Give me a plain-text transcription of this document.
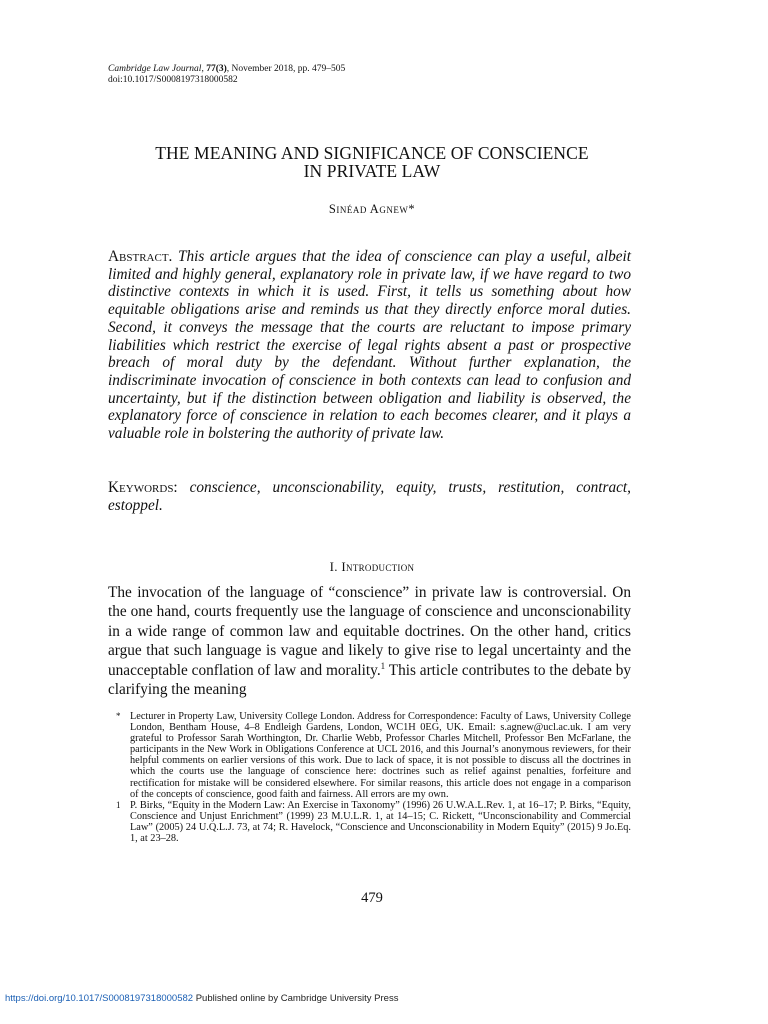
Cambridge Law Journal, 77(3), November 2018, pp. 479–505
doi:10.1017/S0008197318000582
THE MEANING AND SIGNIFICANCE OF CONSCIENCE
IN PRIVATE LAW
Sinéad Agnew*
Abstract. This article argues that the idea of conscience can play a useful, albeit limited and highly general, explanatory role in private law, if we have regard to two distinctive contexts in which it is used. First, it tells us something about how equitable obligations arise and reminds us that they directly enforce moral duties. Second, it conveys the message that the courts are reluctant to impose primary liabilities which restrict the exercise of legal rights absent a past or prospective breach of moral duty by the defendant. Without further explanation, the indiscriminate invocation of conscience in both contexts can lead to confusion and uncertainty, but if the distinction between obligation and liability is observed, the explanatory force of conscience in relation to each becomes clearer, and it plays a valuable role in bolstering the authority of private law.
Keywords: conscience, unconscionability, equity, trusts, restitution, contract, estoppel.
I. Introduction
The invocation of the language of “conscience” in private law is controversial. On the one hand, courts frequently use the language of conscience and unconscionability in a wide range of common law and equitable doctrines. On the other hand, critics argue that such language is vague and likely to give rise to legal uncertainty and the unacceptable conflation of law and morality.$^1$ This article contributes to the debate by clarifying the meaning
* Lecturer in Property Law, University College London. Address for Correspondence: Faculty of Laws, University College London, Bentham House, 4–8 Endleigh Gardens, London, WC1H 0EG, UK. Email: s.agnew@ucl.ac.uk. I am very grateful to Professor Sarah Worthington, Dr. Charlie Webb, Professor Charles Mitchell, Professor Ben McFarlane, the participants in the New Work in Obligations Conference at UCL 2016, and this Journal’s anonymous reviewers, for their helpful comments on earlier versions of this work. Due to lack of space, it is not possible to discuss all the doctrines in which the courts use the language of conscience here: doctrines such as relief against penalties, forfeiture and rectification for mistake will be considered elsewhere. For similar reasons, this article does not engage in a comparison of the concepts of conscience, good faith and fairness. All errors are my own.
1 P. Birks, “Equity in the Modern Law: An Exercise in Taxonomy” (1996) 26 U.W.A.L.Rev. 1, at 16–17; P. Birks, “Equity, Conscience and Unjust Enrichment” (1999) 23 M.U.L.R. 1, at 14–15; C. Rickett, “Unconscionability and Commercial Law” (2005) 24 U.Q.L.J. 73, at 74; R. Havelock, “Conscience and Unconscionability in Modern Equity” (2015) 9 Jo.Eq. 1, at 23–28.
479
https://doi.org/10.1017/S0008197318000582 Published online by Cambridge University Press
